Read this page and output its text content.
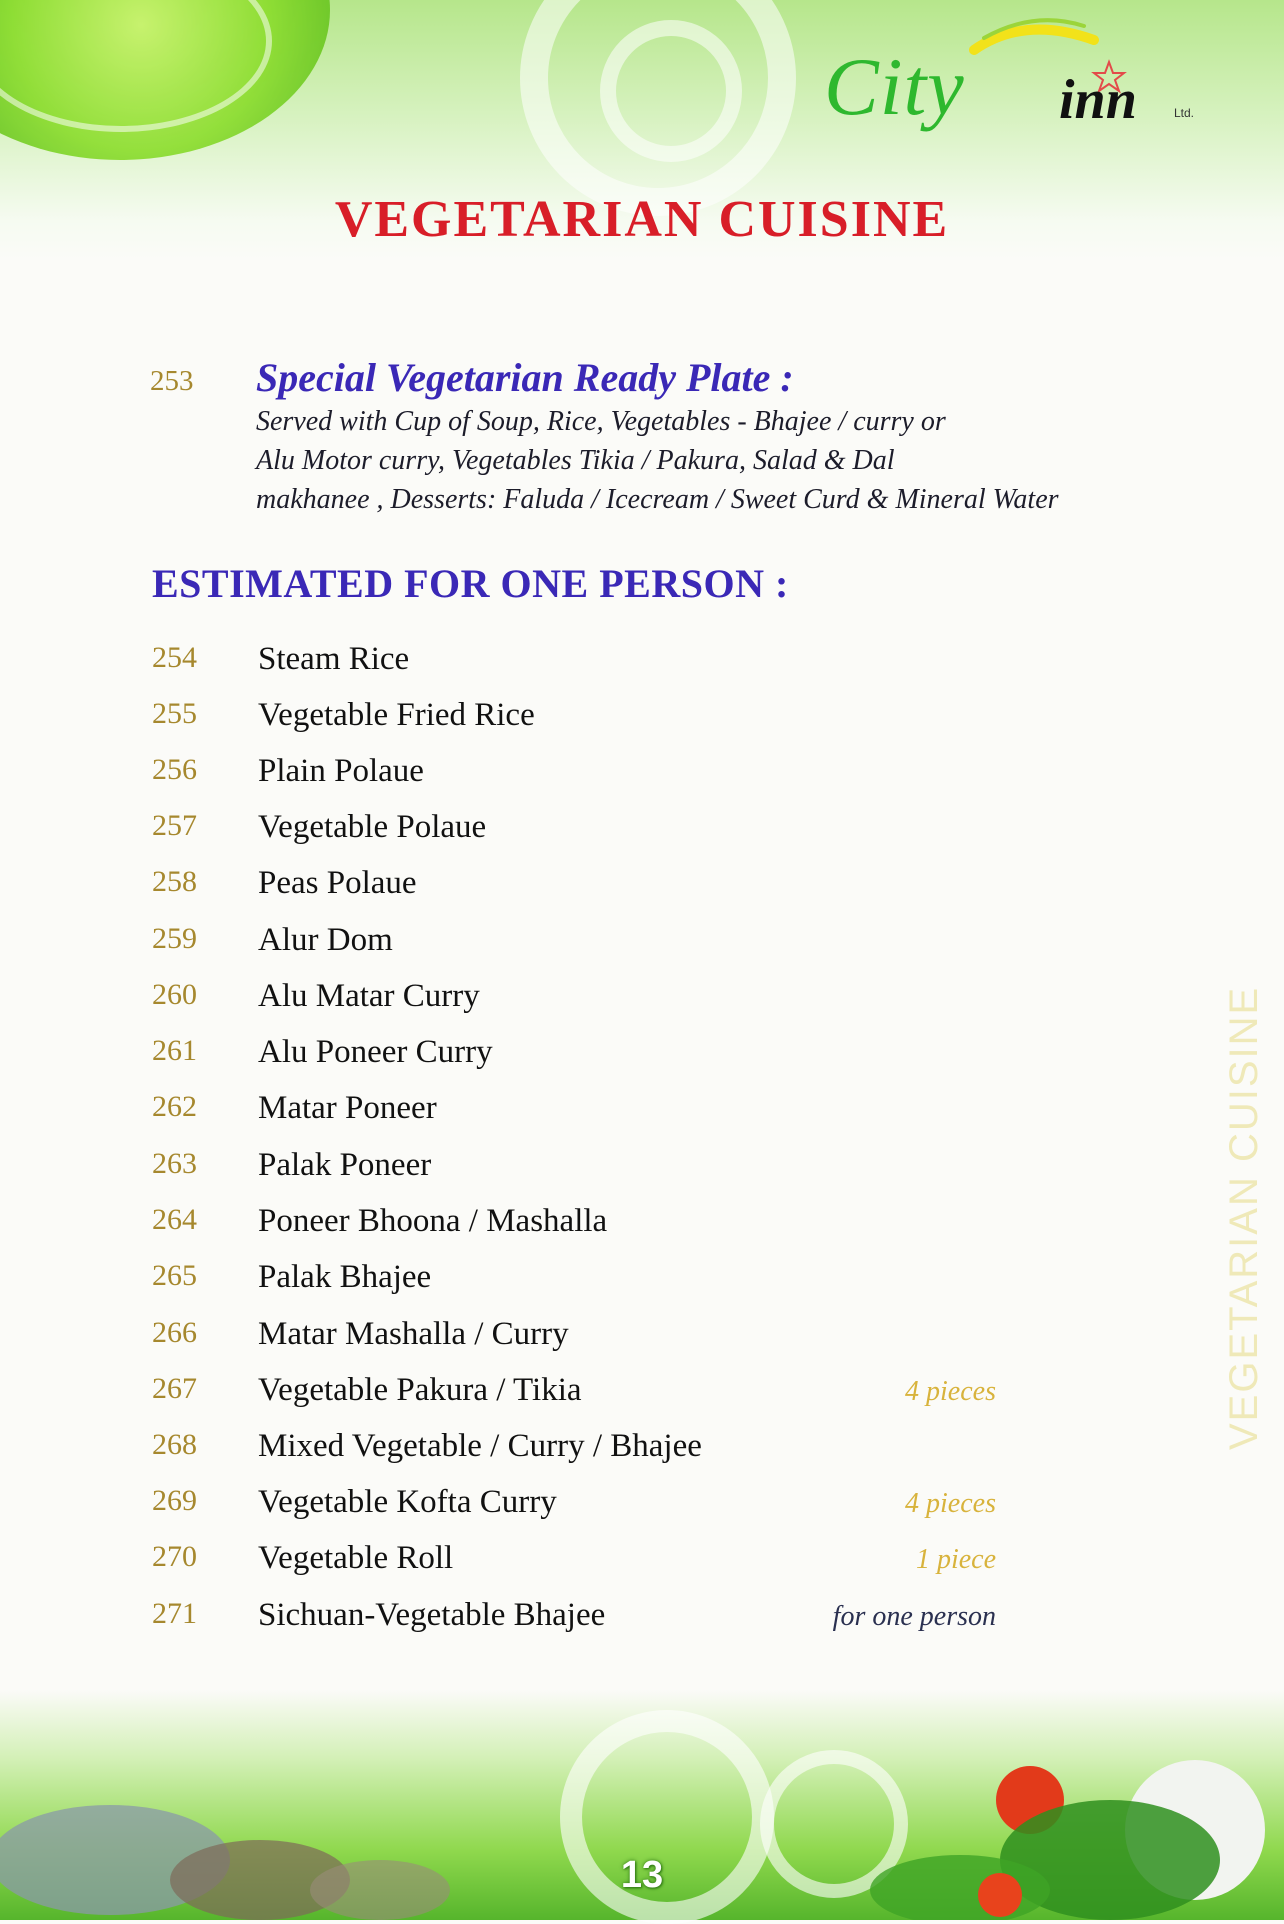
City inn	Ltd.
VEGETARIAN CUISINE
253	Special Vegetarian Ready Plate :
Served with Cup of Soup, Rice, Vegetables - Bhajee / curry or
Alu Motor curry, Vegetables Tikia / Pakura, Salad & Dal
makhanee , Desserts: Faluda / Icecream / Sweet Curd & Mineral Water
ESTIMATED FOR ONE PERSON :
254 Steam Rice
255 Vegetable Fried Rice
256 Plain Polaue
257 Vegetable Polaue
258 Peas Polaue
259 Alur Dom
260 Alu Matar Curry
261 Alu Poneer Curry
262 Matar Poneer
263 Palak Poneer
264 Poneer Bhoona / Mashalla
265 Palak Bhajee
266 Matar Mashalla / Curry
267 Vegetable Pakura / Tikia	4 pieces
268 Mixed Vegetable / Curry / Bhajee
269 Vegetable Kofta Curry	4 pieces
270 Vegetable Roll	1 piece
271 Sichuan-Vegetable Bhajee	for one person
VEGETARIAN CUISINE
13
